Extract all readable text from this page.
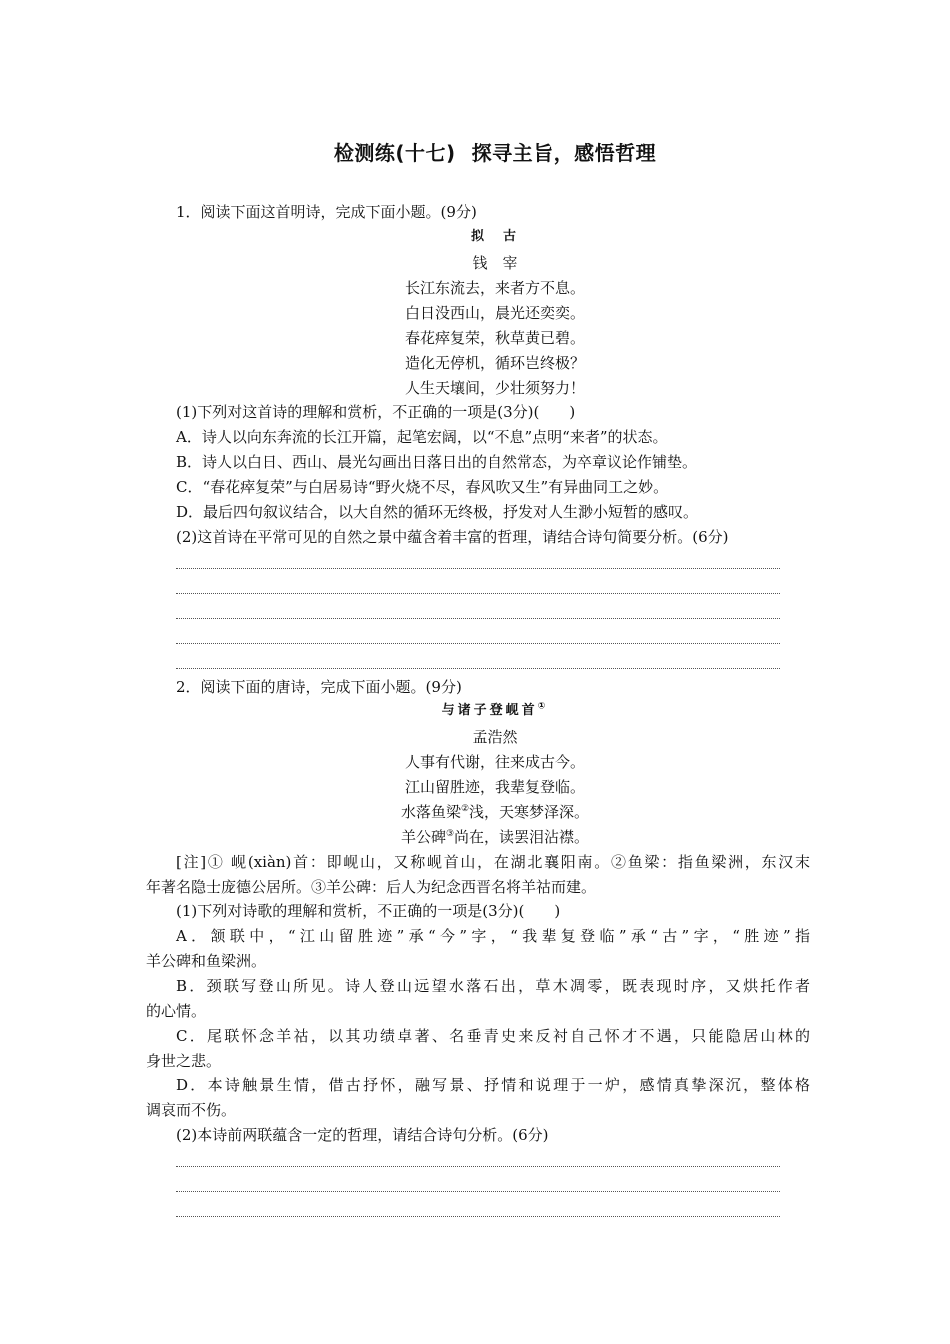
检测练(十七) 探寻主旨，感悟哲理
1．阅读下面这首明诗，完成下面小题。(9分)
拟　古
钱　宰
长江东流去，来者方不息。
白日没西山，晨光还奕奕。
春花瘁复荣，秋草黄已碧。
造化无停机，循环岂终极？
人生天壤间，少壮须努力！
(1)下列对这首诗的理解和赏析，不正确的一项是(3分)(　　)
A．诗人以向东奔流的长江开篇，起笔宏阔，以“不息”点明“来者”的状态。
B．诗人以白日、西山、晨光勾画出日落日出的自然常态，为卒章议论作铺垫。
C．“春花瘁复荣”与白居易诗“野火烧不尽，春风吹又生”有异曲同工之妙。
D．最后四句叙议结合，以大自然的循环无终极，抒发对人生渺小短暂的感叹。
(2)这首诗在平常可见的自然之景中蕴含着丰富的哲理，请结合诗句简要分析。(6分)
2．阅读下面的唐诗，完成下面小题。(9分)
与诸子登岘首①
孟浩然
人事有代谢，往来成古今。
江山留胜迹，我辈复登临。
水落鱼梁②浅，天寒梦泽深。
羊公碑③尚在，读罢泪沾襟。
[注]① 岘(xiàn)首：即岘山，又称岘首山，在湖北襄阳南。②鱼梁：指鱼梁洲，东汉末
年著名隐士庞德公居所。③羊公碑：后人为纪念西晋名将羊祜而建。
(1)下列对诗歌的理解和赏析，不正确的一项是(3分)(　　)
A．颔联中，“江山留胜迹”承“今”字，“我辈复登临”承“古”字，“胜迹”指
羊公碑和鱼梁洲。
B．颈联写登山所见。诗人登山远望水落石出，草木凋零，既表现时序，又烘托作者
的心情。
C．尾联怀念羊祜，以其功绩卓著、名垂青史来反衬自己怀才不遇，只能隐居山林的
身世之悲。
D．本诗触景生情，借古抒怀，融写景、抒情和说理于一炉，感情真挚深沉，整体格
调哀而不伤。
(2)本诗前两联蕴含一定的哲理，请结合诗句分析。(6分)
